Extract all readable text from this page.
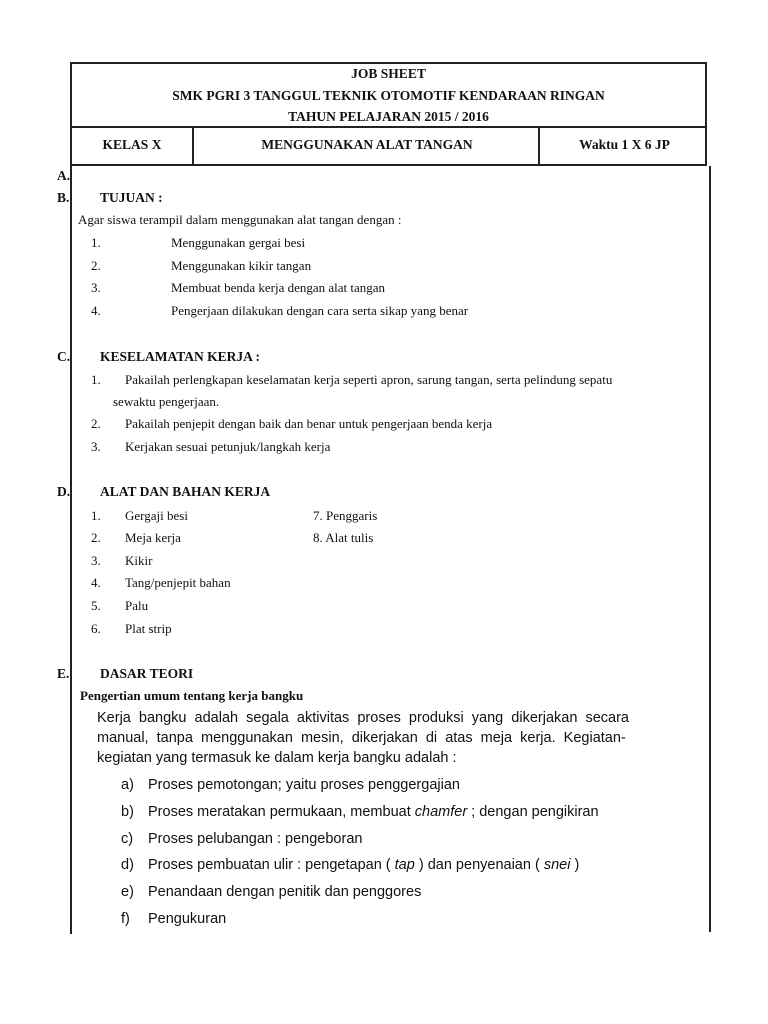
JOB SHEET
SMK PGRI 3 TANGGUL TEKNIK OTOMOTIF KENDARAAN RINGAN
TAHUN PELAJARAN 2015 / 2016
KELAS X	MENGGUNAKAN ALAT TANGAN	Waktu 1 X 6 JP
A.
B. TUJUAN :
Agar siswa terampil dalam menggunakan alat tangan dengan :
1.	Menggunakan gergai besi
2.	Menggunakan kikir tangan
3.	Membuat benda kerja dengan alat tangan
4.	Pengerjaan dilakukan dengan cara serta sikap yang benar
C. KESELAMATAN KERJA :
1. Pakailah perlengkapan keselamatan kerja seperti apron, sarung tangan, serta pelindung sepatu
sewaktu pengerjaan.
2. Pakailah penjepit dengan baik dan benar untuk pengerjaan benda kerja
3. Kerjakan sesuai petunjuk/langkah kerja
D. ALAT DAN BAHAN KERJA
1. Gergaji besi
2. Meja kerja
3. Kikir
4. Tang/penjepit bahan
5. Palu
6. Plat strip
7. Penggaris
8. Alat tulis
E. DASAR TEORI
Pengertian umum tentang kerja bangku
Kerja  bangku  adalah  segala  aktivitas  proses  produksi  yang  dikerjakan  secara
manual,  tanpa  menggunakan  mesin,  dikerjakan  di  atas  meja  kerja.  Kegiatan-
kegiatan yang termasuk ke dalam kerja bangku adalah :
a) Proses pemotongan; yaitu proses penggergajian
b) Proses meratakan permukaan, membuat chamfer ; dengan pengikiran
c) Proses pelubangan : pengeboran
d) Proses pembuatan ulir : pengetapan ( tap ) dan penyenaian ( snei )
e) Penandaan dengan penitik dan penggores
f) Pengukuran
